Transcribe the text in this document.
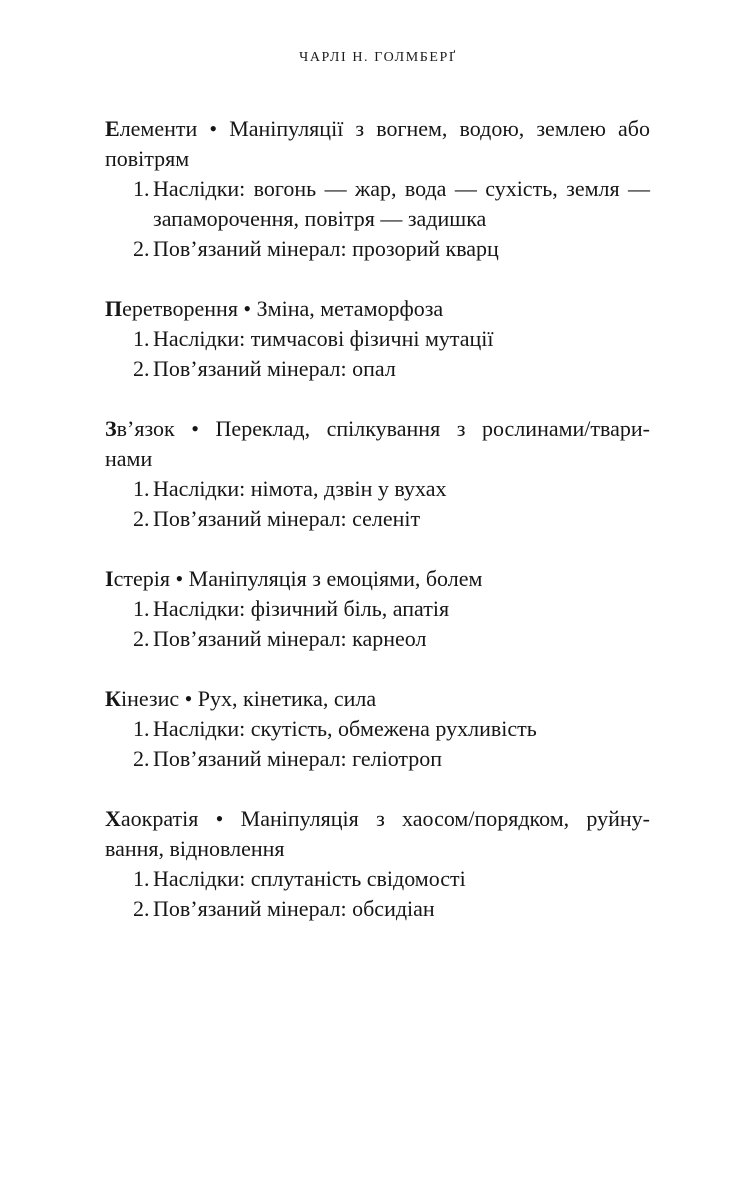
ЧАРЛІ Н. ГОЛМБЕРҐ

Елементи • Маніпуляції з вогнем, водою, землею або
повітрям

1. Наслідки: вогонь — жар, вода — сухість, земля —
запаморочення, повітря — задишка
2. Пов’язаний мінерал: прозорий кварц

Перетворення • Зміна, метаморфоза

1. Наслідки: тимчасові фізичні мутації
2. Пов’язаний мінерал: опал

Зв’язок • Переклад, спілкування з рослинами/твари-
нами

1. Наслідки: німота, дзвін у вухах
2. Пов’язаний мінерал: селеніт

Істерія • Маніпуляція з емоціями, болем

1. Наслідки: фізичний біль, апатія
2. Пов’язаний мінерал: карнеол

Кінезис • Рух, кінетика, сила

1. Наслідки: скутість, обмежена рухливість
2. Пов’язаний мінерал: геліотроп

Хаократія • Маніпуляція з хаосом/порядком, руйну-
вання, відновлення

1. Наслідки: сплутаність свідомості
2. Пов’язаний мінерал: обсидіан
